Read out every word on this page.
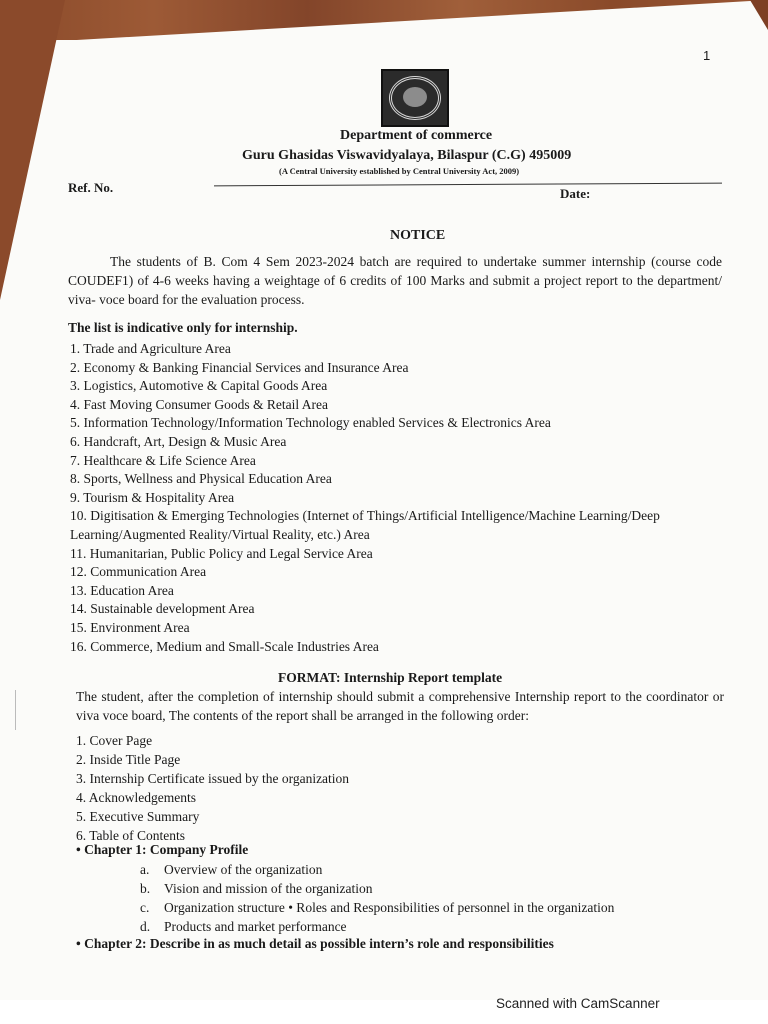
1
Department of commerce
Guru Ghasidas Viswavidyalaya, Bilaspur (C.G) 495009
(A Central University established by Central University Act, 2009)
Ref. No.	Date:
NOTICE
The students of B. Com 4 Sem 2023-2024 batch are required to undertake summer internship (course code COUDEF1) of 4-6 weeks having a weightage of 6 credits of 100 Marks and submit a project report to the department/ viva- voce board for the evaluation process.
The list is indicative only for internship.
1. Trade and Agriculture Area
2. Economy & Banking Financial Services and Insurance Area
3. Logistics, Automotive & Capital Goods Area
4. Fast Moving Consumer Goods & Retail Area
5. Information Technology/Information Technology enabled Services & Electronics Area
6. Handcraft, Art, Design & Music Area
7. Healthcare & Life Science Area
8. Sports, Wellness and Physical Education Area
9. Tourism & Hospitality Area
10. Digitisation & Emerging Technologies (Internet of Things/Artificial Intelligence/Machine Learning/Deep Learning/Augmented Reality/Virtual Reality, etc.) Area
11. Humanitarian, Public Policy and Legal Service Area
12. Communication Area
13. Education Area
14. Sustainable development Area
15. Environment Area
16. Commerce, Medium and Small-Scale Industries Area
FORMAT: Internship Report template
The student, after the completion of internship should submit a comprehensive Internship report to the coordinator or viva voce board, The contents of the report shall be arranged in the following order:
1. Cover Page
2. Inside Title Page
3. Internship Certificate issued by the organization
4. Acknowledgements
5. Executive Summary
6. Table of Contents
• Chapter 1: Company Profile
a. Overview of the organization
b. Vision and mission of the organization
c. Organization structure • Roles and Responsibilities of personnel in the organization
d. Products and market performance
• Chapter 2: Describe in as much detail as possible intern’s role and responsibilities
Scanned with CamScanner
